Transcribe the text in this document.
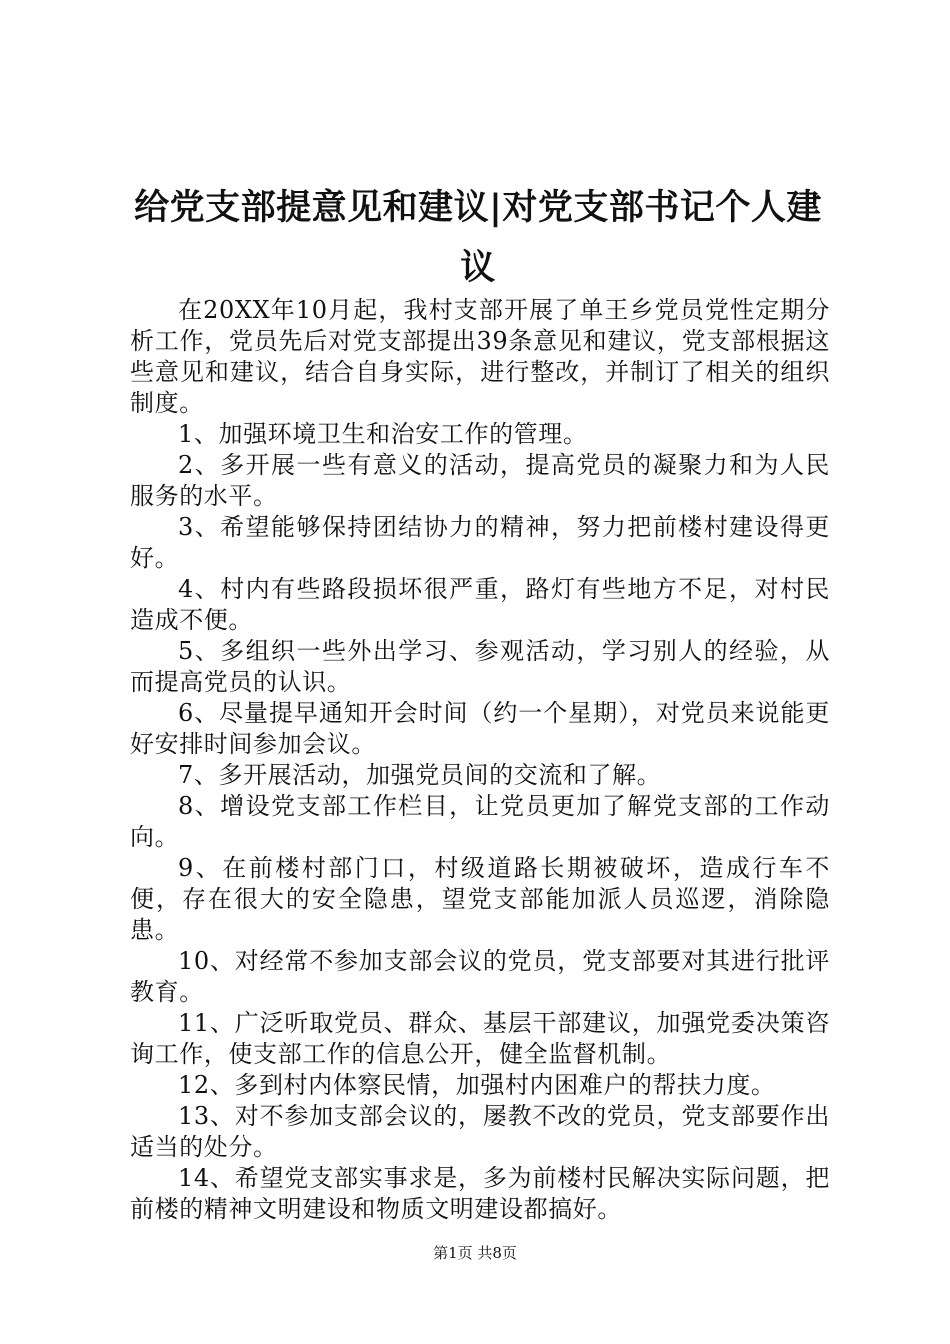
给党支部提意见和建议|对党支部书记个人建议

在20XX年10月起，我村支部开展了单王乡党员党性定期分析工作，党员先后对党支部提出39条意见和建议，党支部根据这些意见和建议，结合自身实际，进行整改，并制订了相关的组织制度。

1、加强环境卫生和治安工作的管理。

2、多开展一些有意义的活动，提高党员的凝聚力和为人民服务的水平。

3、希望能够保持团结协力的精神，努力把前楼村建设得更好。

4、村内有些路段损坏很严重，路灯有些地方不足，对村民造成不便。

5、多组织一些外出学习、参观活动，学习别人的经验，从而提高党员的认识。

6、尽量提早通知开会时间（约一个星期），对党员来说能更好安排时间参加会议。

7、多开展活动，加强党员间的交流和了解。

8、增设党支部工作栏目，让党员更加了解党支部的工作动向。

9、在前楼村部门口，村级道路长期被破坏，造成行车不便，存在很大的安全隐患，望党支部能加派人员巡逻，消除隐患。

10、对经常不参加支部会议的党员，党支部要对其进行批评教育。

11、广泛听取党员、群众、基层干部建议，加强党委决策咨询工作，使支部工作的信息公开，健全监督机制。

12、多到村内体察民情，加强村内困难户的帮扶力度。

13、对不参加支部会议的，屡教不改的党员，党支部要作出适当的处分。

14、希望党支部实事求是，多为前楼村民解决实际问题，把前楼的精神文明建设和物质文明建设都搞好。

第1页 共8页
